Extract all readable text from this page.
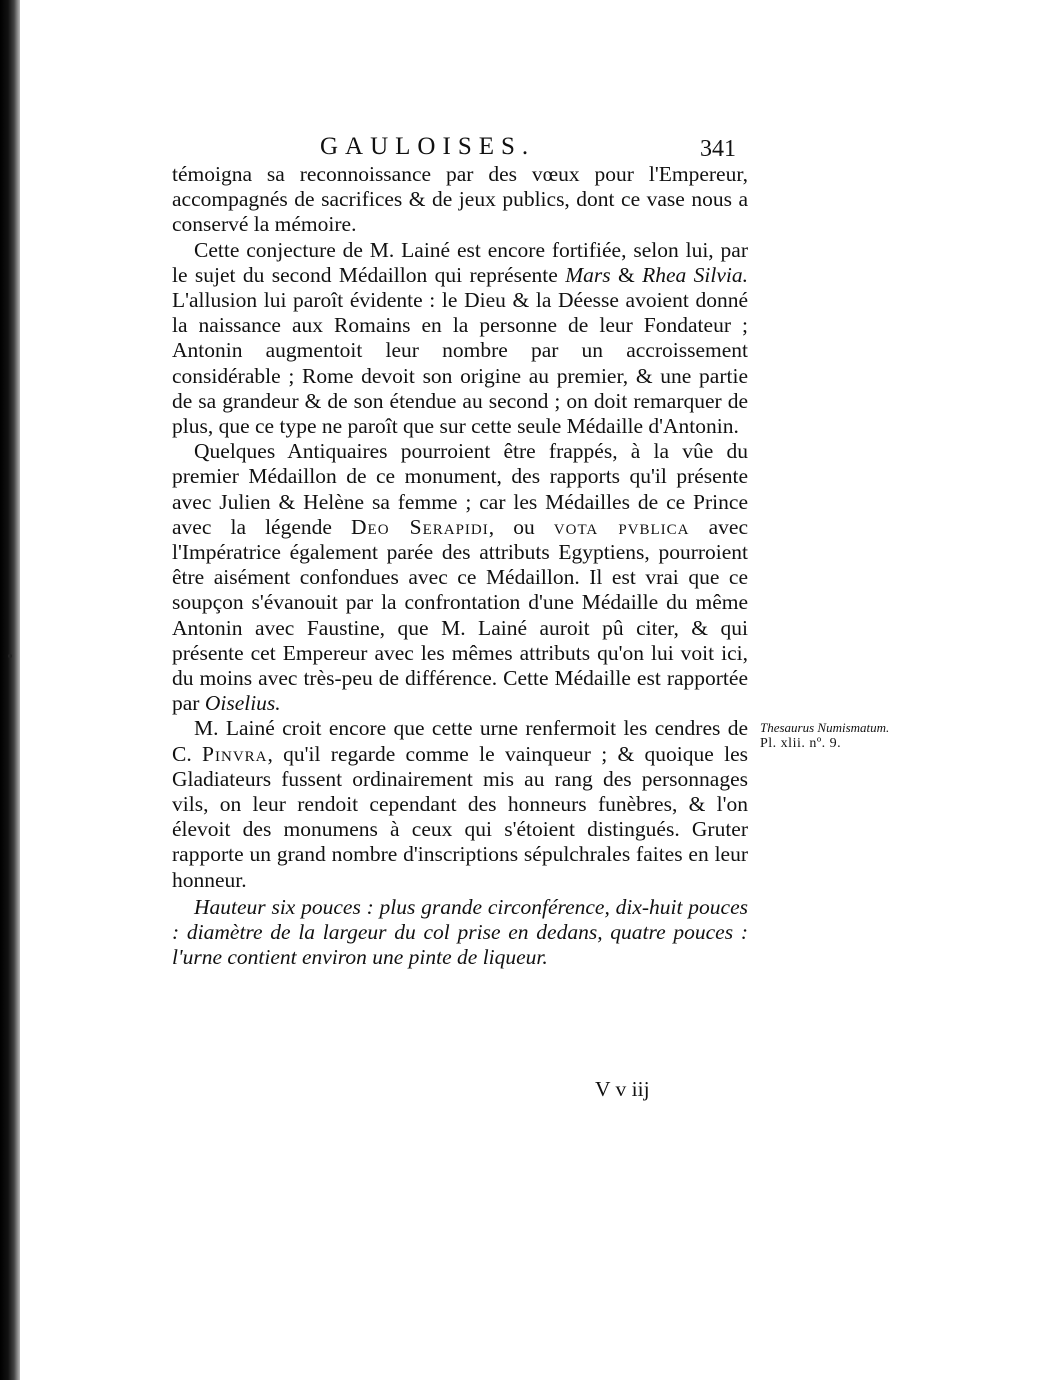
GAULOISES.	341

témoigna sa reconnoissance par des vœux pour l'Empereur, accompagnés de sacrifices & de jeux publics, dont ce vase nous a conservé la mémoire.

Cette conjecture de M. Lainé est encore fortifiée, selon lui, par le sujet du second Médaillon qui représente Mars & Rhea Silvia. L'allusion lui paroît évidente : le Dieu & la Déesse avoient donné la naissance aux Romains en la personne de leur Fondateur ; Antonin augmentoit leur nombre par un accroissement considérable ; Rome devoit son origine au premier, & une partie de sa grandeur & de son étendue au second ; on doit remarquer de plus, que ce type ne paroît que sur cette seule Médaille d'Antonin.

Quelques Antiquaires pourroient être frappés, à la vûe du premier Médaillon de ce monument, des rapports qu'il présente avec Julien & Helène sa femme ; car les Médailles de ce Prince avec la légende Deo Serapidi, ou vota pvblica avec l'Impératrice également parée des attributs Egyptiens, pourroient être aisément confondues avec ce Médaillon. Il est vrai que ce soupçon s'évanouit par la confrontation d'une Médaille du même Antonin avec Faustine, que M. Lainé auroit pû citer, & qui présente cet Empereur avec les mêmes attributs qu'on lui voit ici, du moins avec très-peu de différence. Cette Médaille est rapportée par Oiselius.

M. Lainé croit encore que cette urne renfermoit les cendres de C. Pinvra, qu'il regarde comme le vainqueur ; & quoique les Gladiateurs fussent ordinairement mis au rang des personnages vils, on leur rendoit cependant des honneurs funèbres, & l'on élevoit des monumens à ceux qui s'étoient distingués. Gruter rapporte un grand nombre d'inscriptions sépulchrales faites en leur honneur.

Hauteur six pouces : plus grande circonférence, dix-huit pouces : diamètre de la largeur du col prise en dedans, quatre pouces : l'urne contient environ une pinte de liqueur.

V v iij
Thesaurus Numismatum.
Pl. xlii. nº. 9.
